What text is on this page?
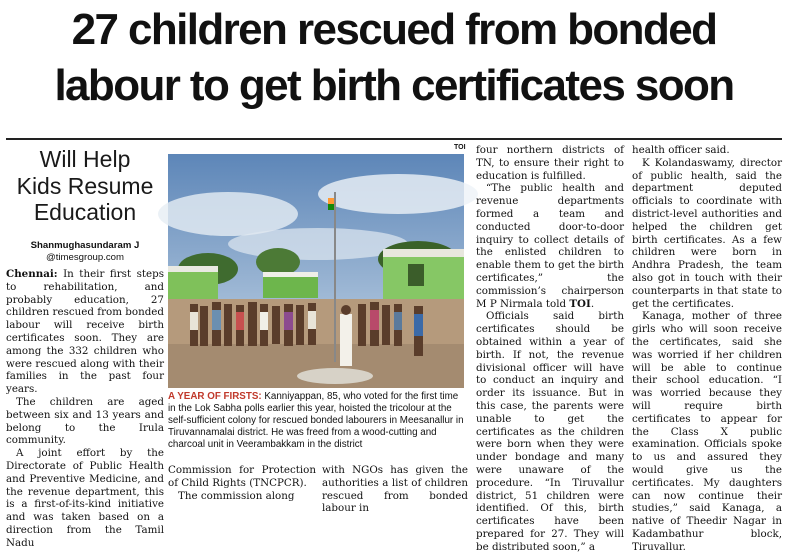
27 children rescued from bonded
labour to get birth certificates soon
Will Help
Kids Resume
Education
Shanmughasundaram J
@timesgroup.com

Chennai: In their first steps to rehabilitation, and probably education, 27 children rescued from bonded labour will receive birth certificates soon. They are among the 332 children who were rescued along with their families in the past four years.

The children are aged between six and 13 years and belong to the Irula community.

A joint effort by the Directorate of Public Health and Preventive Medicine, and the revenue department, this is a first-of-its-kind initiative and was taken based on a direction from the Tamil Nadu

TOI
A YEAR OF FIRSTS: Kanniyappan, 85, who voted for the first time in the Lok Sabha polls earlier this year, hoisted the tricolour at the self-sufficient colony for rescued bonded labourers in Meesanallur in Tiruvannamalai district. He was freed from a wood-cutting and charcoal unit in Veerambakkam in the district

Commission for Protection of Child Rights (TNCPCR).

The commission along

with NGOs has given the authorities a list of children rescued from bonded labour in

four northern districts of TN, to ensure their right to education is fulfilled.

“The public health and revenue departments formed a team and conducted door-to-door inquiry to collect details of the enlisted children to enable them to get the birth certificates,” the commission’s chairperson M P Nirmala told TOI.

Officials said birth certificates should be obtained within a year of birth. If not, the revenue divisional officer will have to conduct an inquiry and order its issuance. But in this case, the parents were unable to get the certificates as the children were born when they were under bondage and many were unaware of the procedure. “In Tiruvallur district, 51 children were identified. Of this, birth certificates have been prepared for 27. They will be distributed soon,” a

health officer said.

K Kolandaswamy, director of public health, said the department deputed officials to coordinate with district-level authorities and helped the children get birth certificates. As a few children were born in Andhra Pradesh, the team also got in touch with their counterparts in that state to get the certificates.

Kanaga, mother of three girls who will soon receive the certificates, said she was worried if her children will be able to continue their school education. “I was worried because they will require birth certificates to appear for the Class X public examination. Officials spoke to us and assured they would give us the certificates. My daughters can now continue their studies,” said Kanaga, a native of Theedir Nagar in Kadambathur block, Tiruvallur.
